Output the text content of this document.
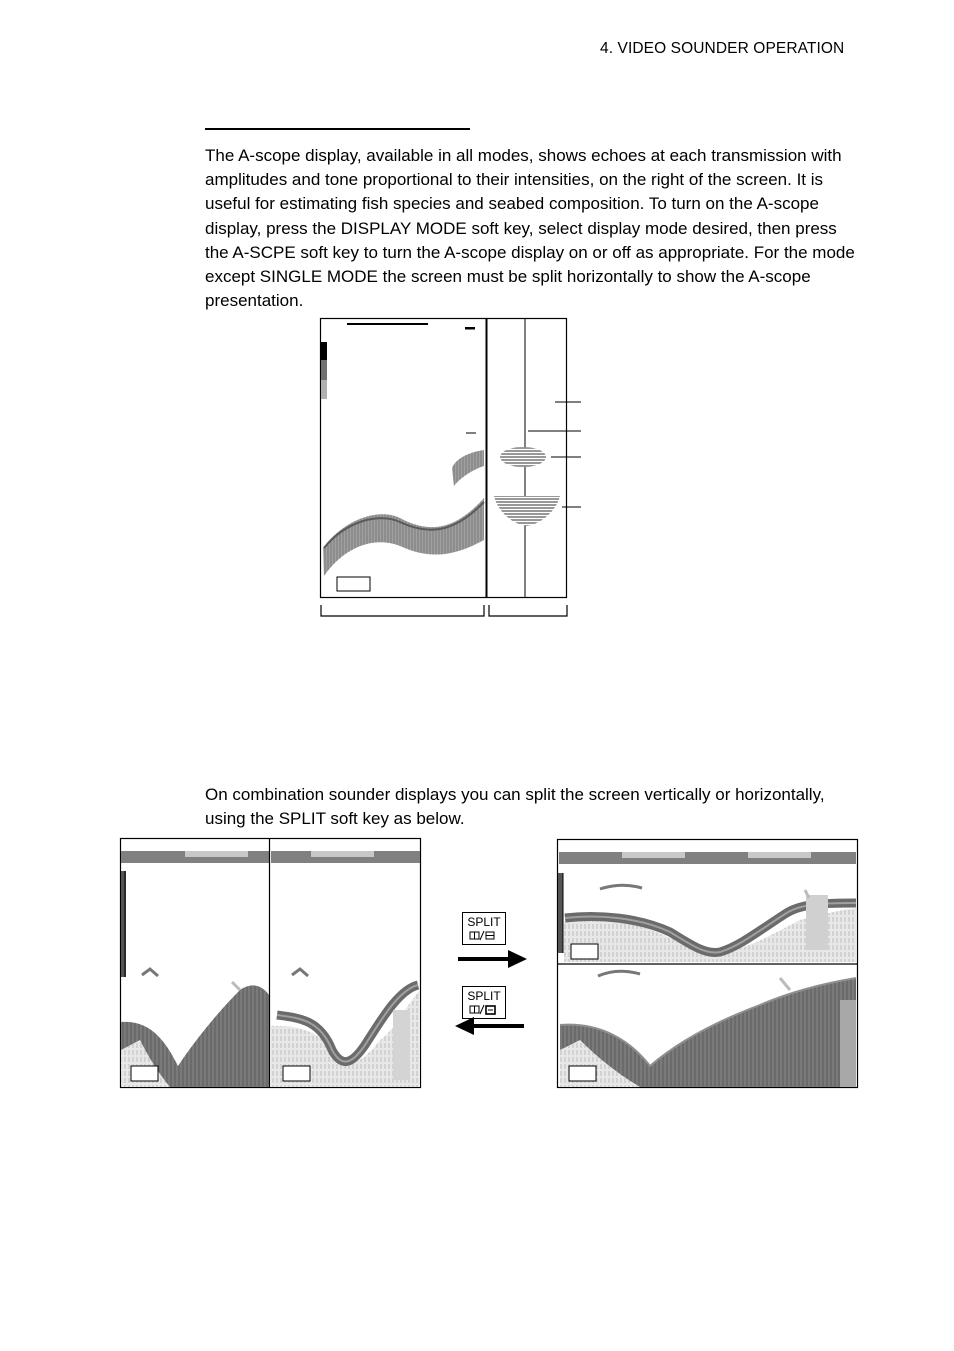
4. VIDEO SOUNDER OPERATION

The A-scope display, available in all modes, shows echoes at each transmission with amplitudes and tone proportional to their intensities, on the right of the screen. It is useful for estimating fish species and seabed composition. To turn on the A-scope display, press the DISPLAY MODE soft key, select display mode desired, then press the A-SCPE soft key to turn the A-scope display on or off as appropriate. For the mode except SINGLE MODE the screen must be split horizontally to show the A-scope presentation.

On combination sounder displays you can split the screen vertically or horizontally, using the SPLIT soft key as below.

SPLIT
SPLIT
